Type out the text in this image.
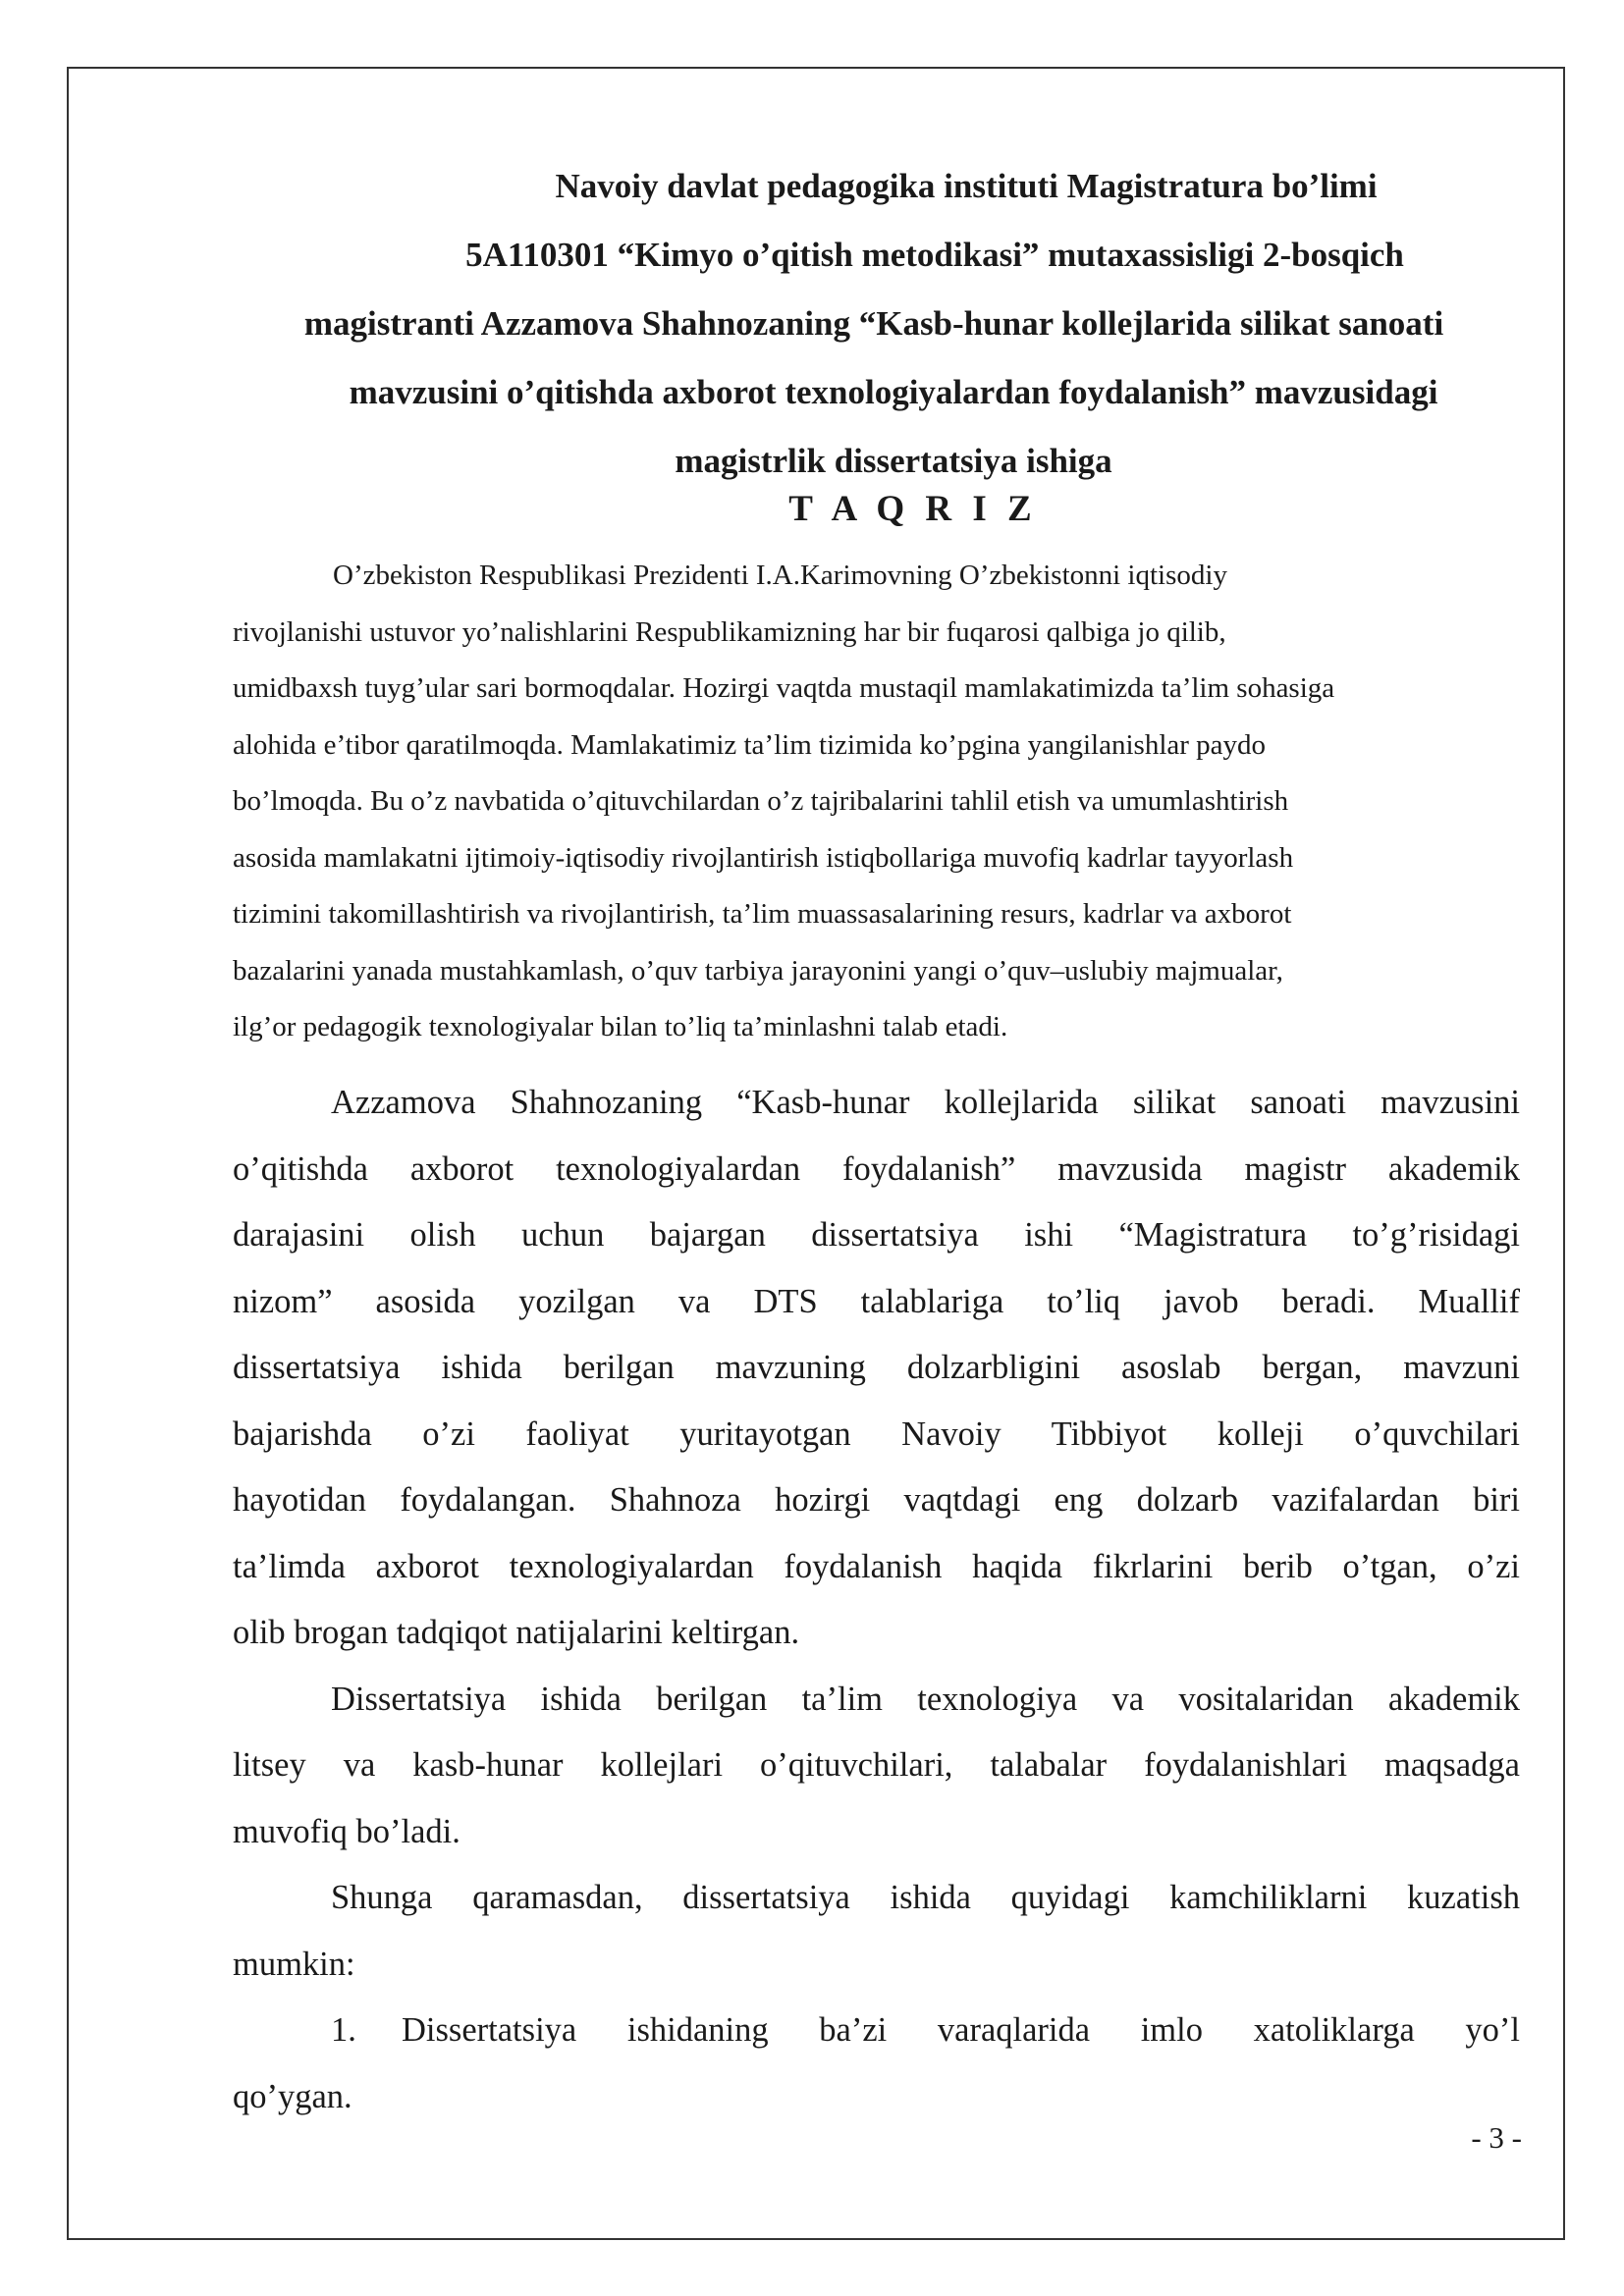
Navoiy davlat pedagogika instituti Magistratura bo’limi
5A110301 “Kimyo o’qitish metodikasi” mutaxassisligi 2-bosqich
magistranti Azzamova Shahnozaning “Kasb-hunar kollejlarida silikat sanoati
mavzusini o’qitishda axborot texnologiyalardan foydalanish” mavzusidagi
magistrlik dissertatsiya ishiga
T A Q R I Z
O’zbekiston Respublikasi Prezidenti I.A.Karimovning O’zbekistonni iqtisodiy
rivojlanishi ustuvor yo’nalishlarini Respublikamizning har bir fuqarosi qalbiga jo qilib,
umidbaxsh tuyg’ular sari bormoqdalar. Hozirgi vaqtda mustaqil mamlakatimizda ta’lim sohasiga
alohida e’tibor qaratilmoqda. Mamlakatimiz ta’lim tizimida ko’pgina yangilanishlar paydo
bo’lmoqda. Bu o’z navbatida o’qituvchilardan o’z tajribalarini tahlil etish va umumlashtirish
asosida mamlakatni ijtimoiy-iqtisodiy rivojlantirish istiqbollariga muvofiq kadrlar tayyorlash
tizimini takomillashtirish va rivojlantirish, ta’lim muassasalarining resurs, kadrlar va axborot
bazalarini yanada mustahkamlash, o’quv tarbiya jarayonini yangi o’quv–uslubiy majmualar,
ilg’or pedagogik texnologiyalar bilan to’liq ta’minlashni talab etadi.
Azzamova Shahnozaning “Kasb-hunar kollejlarida silikat sanoati mavzusini
o’qitishda axborot texnologiyalardan foydalanish” mavzusida magistr akademik
darajasini olish uchun bajargan dissertatsiya ishi “Magistratura to’g’risidagi
nizom” asosida yozilgan va DTS talablariga to’liq javob beradi. Muallif
dissertatsiya ishida berilgan mavzuning dolzarbligini asoslab bergan, mavzuni
bajarishda o’zi faoliyat yuritayotgan Navoiy Tibbiyot kolleji o’quvchilari
hayotidan foydalangan. Shahnoza hozirgi vaqtdagi eng dolzarb vazifalardan biri
ta’limda axborot texnologiyalardan foydalanish haqida fikrlarini berib o’tgan, o’zi
olib brogan tadqiqot natijalarini keltirgan.
Dissertatsiya ishida berilgan ta’lim texnologiya va vositalaridan akademik
litsey va kasb-hunar kollejlari o’qituvchilari, talabalar foydalanishlari maqsadga
muvofiq bo’ladi.
Shunga qaramasdan, dissertatsiya ishida quyidagi kamchiliklarni kuzatish
mumkin:
1. Dissertatsiya ishidaning ba’zi varaqlarida imlo xatoliklarga yo’l
qo’ygan.
- 3 -
